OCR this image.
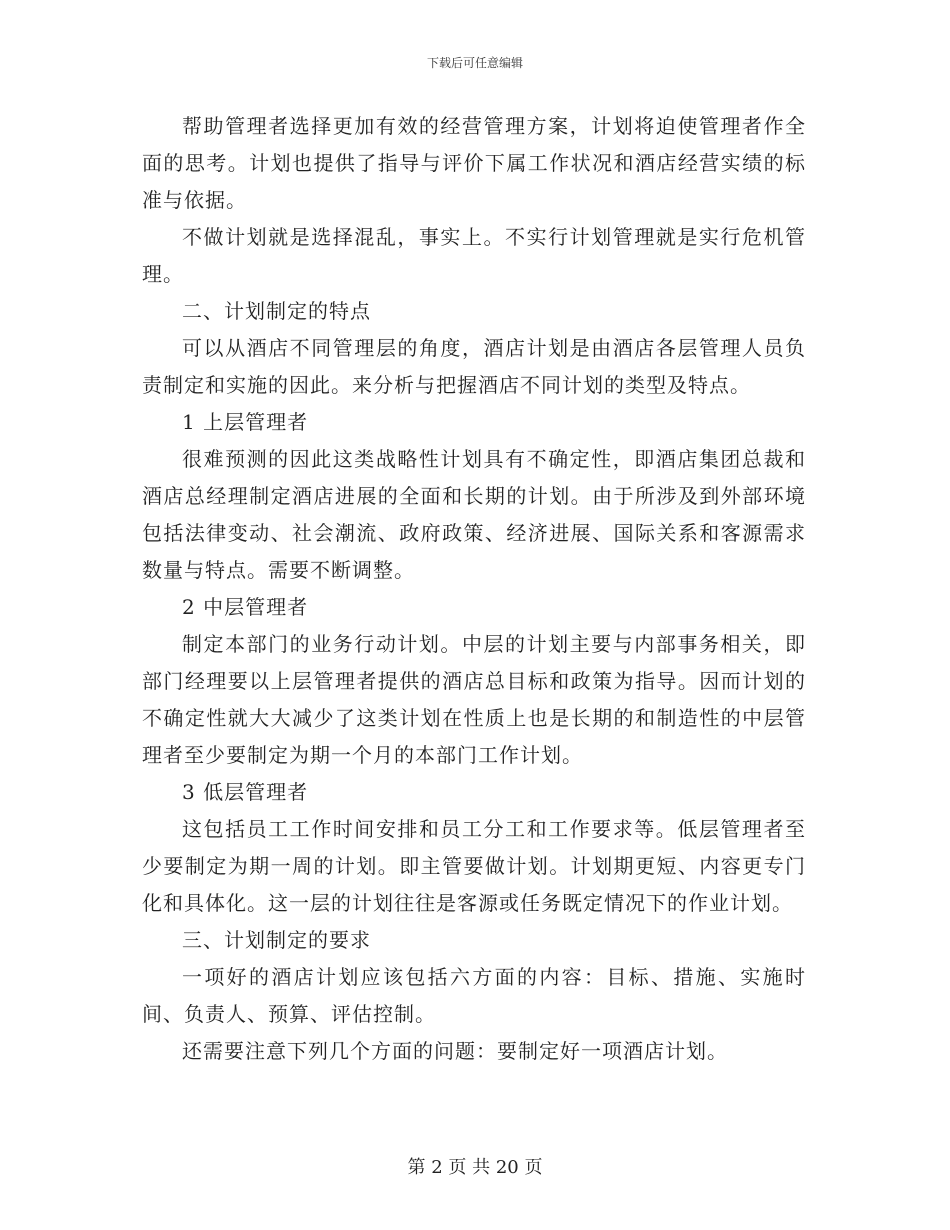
下载后可任意编辑

帮助管理者选择更加有效的经营管理方案，计划将迫使管理者作全面的思考。计划也提供了指导与评价下属工作状况和酒店经营实绩的标准与依据。

不做计划就是选择混乱，事实上。不实行计划管理就是实行危机管理。

二、计划制定的特点

可以从酒店不同管理层的角度，酒店计划是由酒店各层管理人员负责制定和实施的因此。来分析与把握酒店不同计划的类型及特点。

1 上层管理者

很难预测的因此这类战略性计划具有不确定性，即酒店集团总裁和酒店总经理制定酒店进展的全面和长期的计划。由于所涉及到外部环境包括法律变动、社会潮流、政府政策、经济进展、国际关系和客源需求数量与特点。需要不断调整。

2 中层管理者

制定本部门的业务行动计划。中层的计划主要与内部事务相关，即部门经理要以上层管理者提供的酒店总目标和政策为指导。因而计划的不确定性就大大减少了这类计划在性质上也是长期的和制造性的中层管理者至少要制定为期一个月的本部门工作计划。

3 低层管理者

这包括员工工作时间安排和员工分工和工作要求等。低层管理者至少要制定为期一周的计划。即主管要做计划。计划期更短、内容更专门化和具体化。这一层的计划往往是客源或任务既定情况下的作业计划。

三、计划制定的要求

一项好的酒店计划应该包括六方面的内容：目标、措施、实施时间、负责人、预算、评估控制。

还需要注意下列几个方面的问题：要制定好一项酒店计划。

第 2 页 共 20 页
